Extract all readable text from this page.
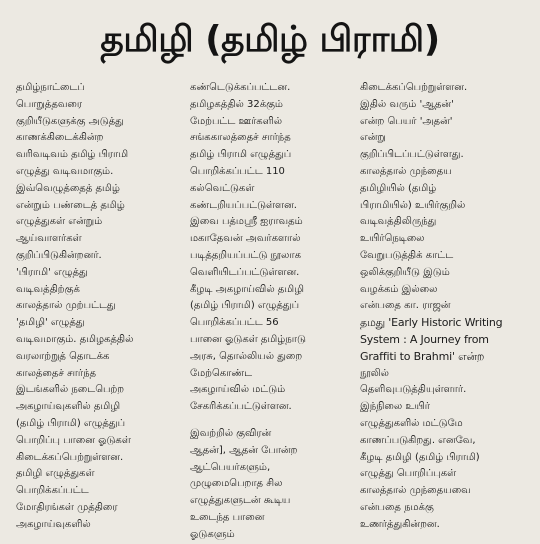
தமிழி (தமிழ் பிராமி)
தமிழ்நாட்டைப்
பொறுத்தவரை
குறியீடுகளுக்கு அடுத்து
காணக்கிடைக்கின்ற
வரிவடிவம் தமிழ் பிராமி
எழுத்து வடிவமாகும்.
இவ்வெழுத்தைத் தமிழ்
என்றும் பண்டைத் தமிழ்
எழுத்துகள் என்றும்
ஆய்வாளர்கள்
குறிப்பிடுகின்றனர்.
'பிராமி' எழுத்து
வடிவத்திற்குக்
காலத்தால் முற்பட்டது
'தமிழி' எழுத்து
வடிவமாகும். தமிழகத்தில்
வரலாற்றுத் தொடக்க
காலத்தைச் சார்ந்த
இடங்களில் நடைபெற்ற
அகழாய்வுகளில் தமிழி
(தமிழ் பிராமி) எழுத்துப்
பொறிப்பு பானை ஓடுகள்
கிடைக்கப்பெற்றுள்ளன.
தமிழி எழுத்துகள்
பொறிக்கப்பட்ட
மோதிரங்கள் முத்திரை
அகழாய்வுகளில்
கண்டெடுக்கப்பட்டன.
தமிழகத்தில் 32க்கும்
மேற்பட்ட ஊர்களில்
சங்ககாலத்தைச் சார்ந்த
தமிழ் பிராமி எழுத்துப்
பொறிக்கப்பட்ட 110
கல்வெட்டுகள்
கண்டறியப்பட்டுள்ளன.
இவை பத்மஸ்ரீ ஐராவதம்
மகாதேவன் அவர்களால்
படித்தறியப்பட்டு நூலாக
வெளியிடப்பட்டுள்ளன.
கீழடி அகழாய்வில் தமிழி
(தமிழ் பிராமி) எழுத்துப்
பொறிக்கப்பட்ட 56
பானை ஓடுகள் தமிழ்நாடு
அரசு, தொல்லியல் துறை
மேற்கொண்ட
அகழாய்வில் மட்டும்
சேகரிக்கப்பட்டுள்ளன.
இவற்றில் குவிரன்
ஆதன்], ஆதன் போன்ற
ஆட்பெயர்களும்,
முழுமைபெறாத சில
எழுத்துகளுடன் கூடிய
உடைந்த பானை
ஓடுகளும்
கிடைக்கப்பெற்றுள்ளன.
இதில் வரும் 'ஆதன்'
என்ற பெயர் 'அதன்'
என்று
குறிப்பிடப்பட்டுள்ளது.
காலத்தால் முந்தைய
தமிழியில் (தமிழ்
பிராமியில்) உயிர்குறில்
வடிவத்திலிருந்து
உயிர்நெடிலை
வேறுபடுத்திக் காட்ட
ஒலிக்குறியீடு இடும்
வழக்கம் இல்லை
என்பதை கா. ராஜன்
தமது 'Early Historic Writing
System : A Journey from
Graffiti to Brahmi' என்ற
நூலில்
தெளிவுபடுத்தியுள்ளார்.
இந்நிலை உயிர்
எழுத்துகளில் மட்டுமே
காணப்படுகிறது. எனவே,
கீழடி தமிழி (தமிழ் பிராமி)
எழுத்து பொறிப்புகள்
காலத்தால் முந்தையவை
என்பதை நமக்கு
உணர்த்துகின்றன.
